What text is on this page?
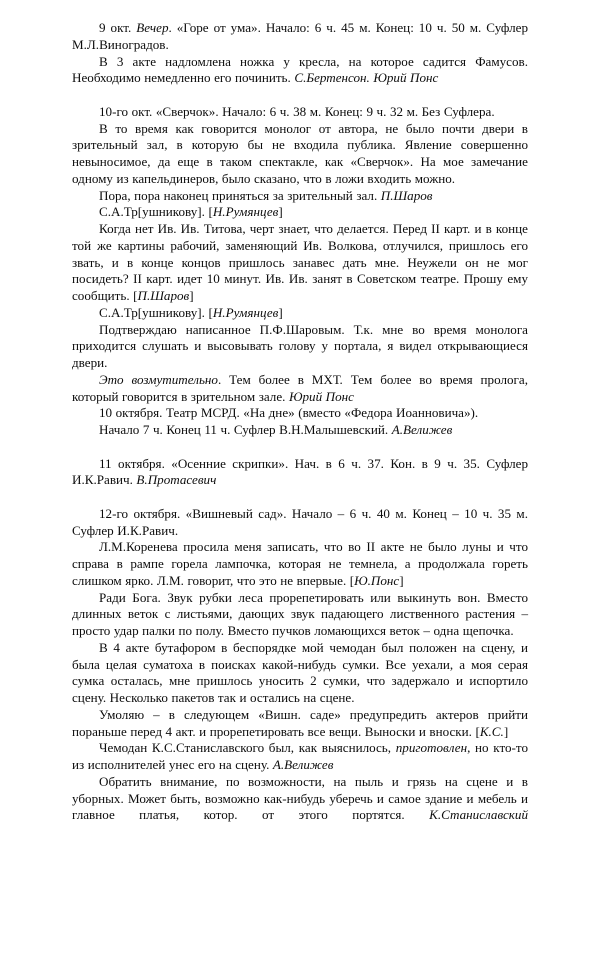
9 окт. Вечер. «Горе от ума». Начало: 6 ч. 45 м. Конец: 10 ч. 50 м. Суфлер М.Л.Виноградов.

В 3 акте надломлена ножка у кресла, на которое садится Фамусов. Необходимо немедленно его починить. С.Бертенсон. Юрий Понс

10-го окт. «Сверчок». Начало: 6 ч. 38 м. Конец: 9 ч. 32 м. Без Суфлера.

В то время как говорится монолог от автора, не было почти двери в зрительный зал, в которую бы не входила публика. Явление совершенно невыносимое, да еще в таком спектакле, как «Сверчок». На мое замечание одному из капельдинеров, было сказано, что в ложи входить можно.

Пора, пора наконец приняться за зрительный зал. П.Шаров

С.А.Тр[ушникову]. [Н.Румянцев]

Когда нет Ив. Ив. Титова, черт знает, что делается. Перед II карт. и в конце той же картины рабочий, заменяющий Ив. Волкова, отлучился, пришлось его звать, и в конце концов пришлось занавес дать мне. Неужели он не мог посидеть? II карт. идет 10 минут. Ив. Ив. занят в Советском театре. Прошу ему сообщить. [П.Шаров]

С.А.Тр[ушникову]. [Н.Румянцев]

Подтверждаю написанное П.Ф.Шаровым. Т.к. мне во время монолога приходится слушать и высовывать голову у портала, я видел открывающиеся двери.

Это возмутительно. Тем более в МХТ. Тем более во время пролога, который говорится в зрительном зале. Юрий Понс

10 октября. Театр МСРД. «На дне» (вместо «Федора Иоанновича»).

Начало 7 ч. Конец 11 ч. Суфлер В.Н.Малышевский. А.Велижев

11 октября. «Осенние скрипки». Нач. в 6 ч. 37. Кон. в 9 ч. 35. Суфлер И.К.Равич. В.Протасевич

12-го октября. «Вишневый сад». Начало – 6 ч. 40 м. Конец – 10 ч. 35 м. Суфлер И.К.Равич.

Л.М.Коренева просила меня записать, что во II акте не было луны и что справа в рампе горела лампочка, которая не темнела, а продолжала гореть слишком ярко. Л.М. говорит, что это не впервые. [Ю.Понс]

Ради Бога. Звук рубки леса прорепетировать или выкинуть вон. Вместо длинных веток с листьями, дающих звук падающего лиственного растения – просто удар палки по полу. Вместо пучков ломающихся веток – одна щепочка.

В 4 акте бутафором в беспорядке мой чемодан был положен на сцену, и была целая суматоха в поисках какой-нибудь сумки. Все уехали, а моя серая сумка осталась, мне пришлось уносить 2 сумки, что задержало и испортило сцену. Несколько пакетов так и остались на сцене.

Умоляю – в следующем «Вишн. саде» предупредить актеров прийти пораньше перед 4 акт. и прорепетировать все вещи. Выноски и вноски. [К.С.]

Чемодан К.С.Станиславского был, как выяснилось, приготовлен, но кто-то из исполнителей унес его на сцену. А.Велижев

Обратить внимание, по возможности, на пыль и грязь на сцене и в уборных. Может быть, возможно как-нибудь уберечь и самое здание и мебель и главное платья, котор. от этого портятся. К.Станиславский
